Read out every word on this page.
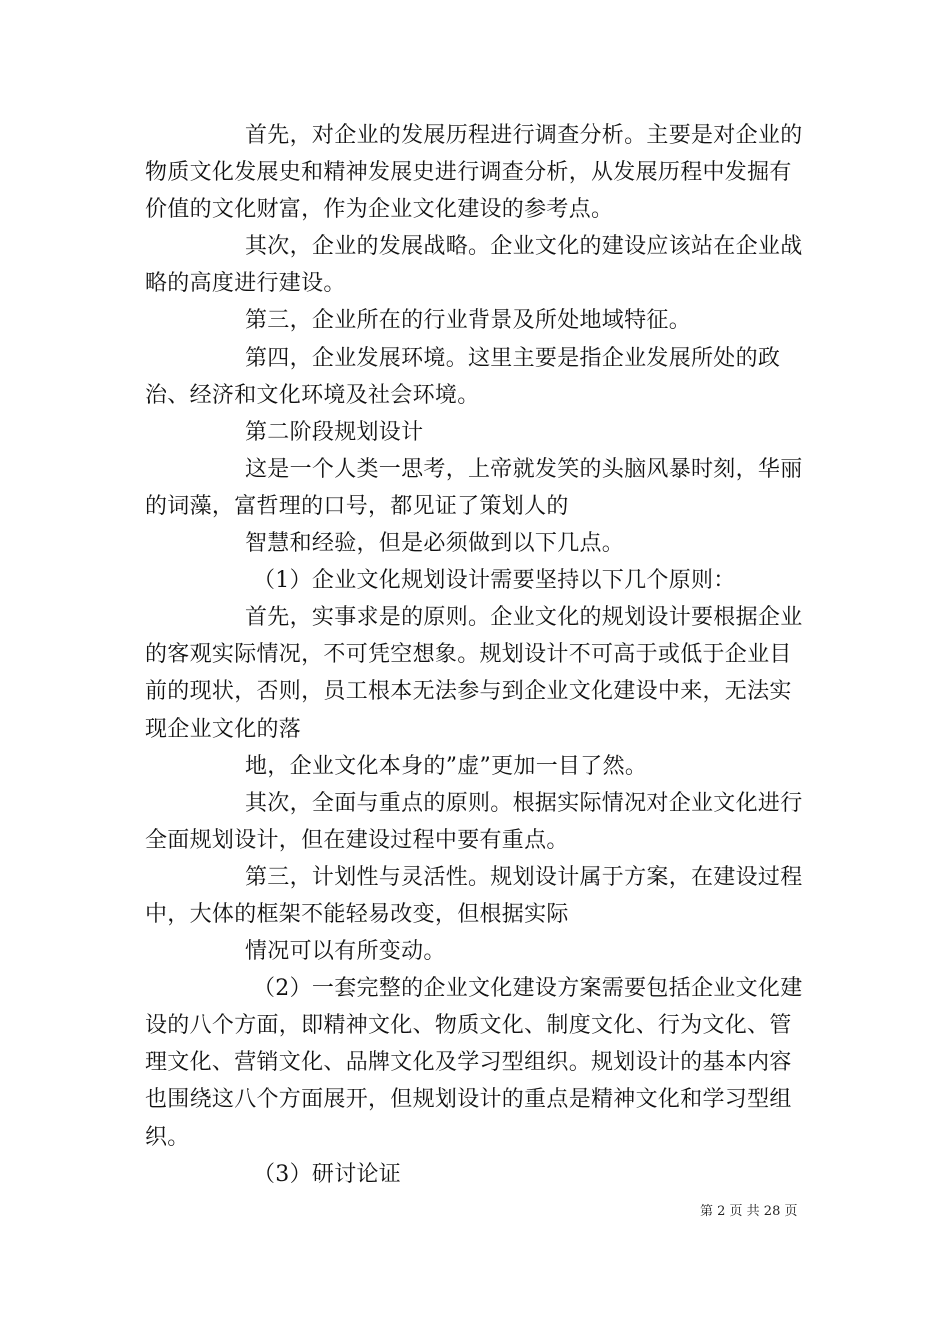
首先，对企业的发展历程进行调查分析。主要是对企业的物质文化发展史和精神发展史进行调查分析，从发展历程中发掘有价值的文化财富，作为企业文化建设的参考点。

其次，企业的发展战略。企业文化的建设应该站在企业战略的高度进行建设。

第三，企业所在的行业背景及所处地域特征。

第四，企业发展环境。这里主要是指企业发展所处的政治、经济和文化环境及社会环境。

第二阶段规划设计

这是一个人类一思考，上帝就发笑的头脑风暴时刻，华丽的词藻，富哲理的口号，都见证了策划人的

智慧和经验，但是必须做到以下几点。

（1）企业文化规划设计需要坚持以下几个原则：

首先，实事求是的原则。企业文化的规划设计要根据企业的客观实际情况，不可凭空想象。规划设计不可高于或低于企业目前的现状，否则，员工根本无法参与到企业文化建设中来，无法实现企业文化的落

地，企业文化本身的”虚”更加一目了然。

其次，全面与重点的原则。根据实际情况对企业文化进行全面规划设计，但在建设过程中要有重点。

第三，计划性与灵活性。规划设计属于方案，在建设过程中，大体的框架不能轻易改变，但根据实际

情况可以有所变动。

（2）一套完整的企业文化建设方案需要包括企业文化建设的八个方面，即精神文化、物质文化、制度文化、行为文化、管理文化、营销文化、品牌文化及学习型组织。规划设计的基本内容也围绕这八个方面展开，但规划设计的重点是精神文化和学习型组织。

（3）研讨论证

第 2 页 共 28 页
